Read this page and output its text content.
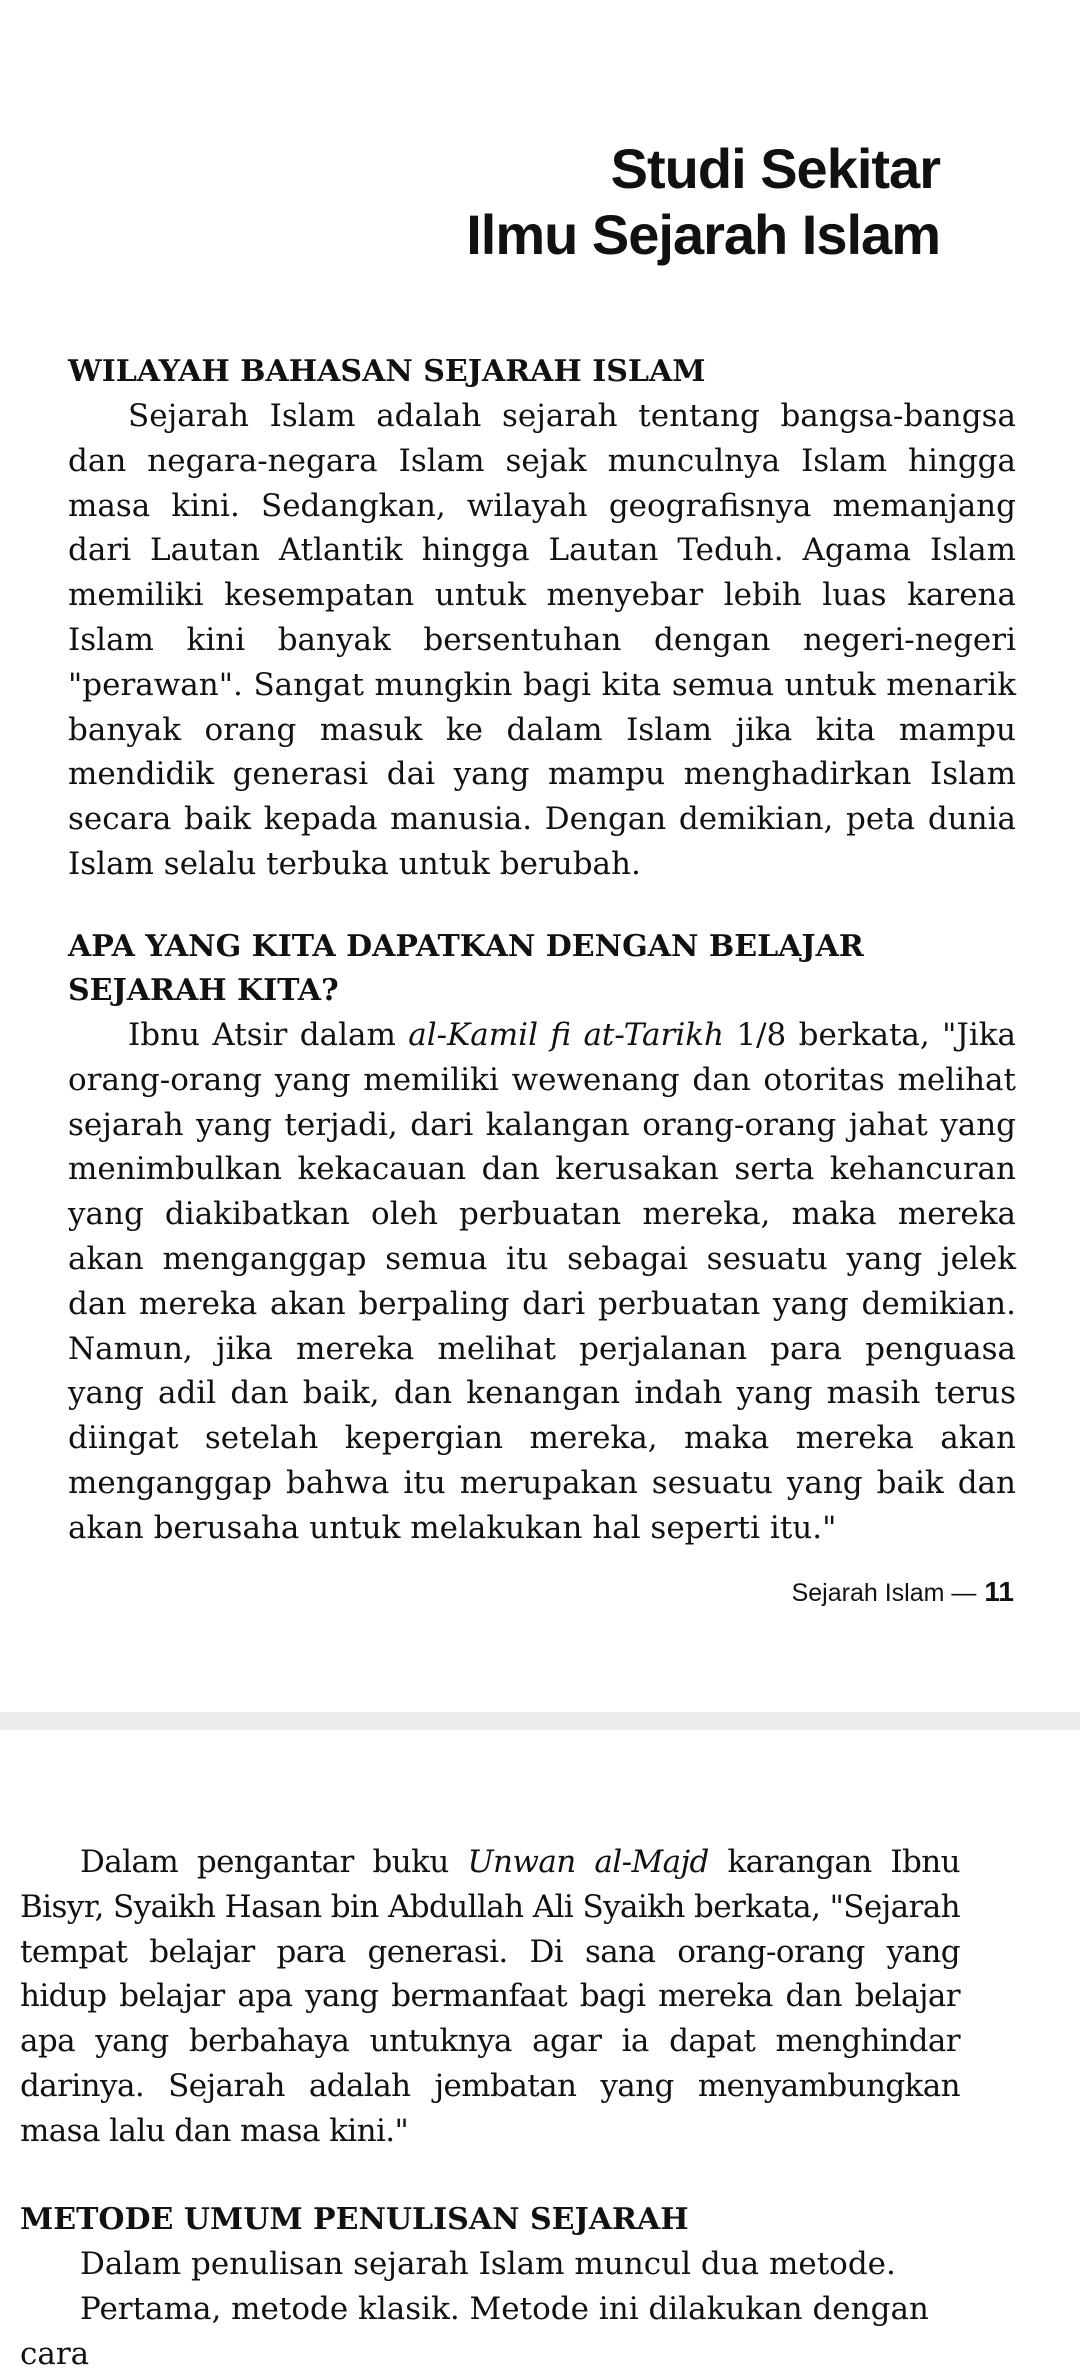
Studi Sekitar
Ilmu Sejarah Islam
WILAYAH BAHASAN SEJARAH ISLAM

Sejarah Islam adalah sejarah tentang bangsa-bangsa dan negara-negara Islam sejak munculnya Islam hingga masa kini. Sedangkan, wilayah geografisnya memanjang dari Lautan Atlantik hingga Lautan Teduh. Agama Islam memiliki kesempatan untuk menyebar lebih luas karena Islam kini banyak bersentuhan dengan negeri-negeri "perawan". Sangat mungkin bagi kita semua untuk menarik banyak orang masuk ke dalam Islam jika kita mampu mendidik generasi dai yang mampu menghadirkan Islam secara baik kepada manusia. Dengan demikian, peta dunia Islam selalu terbuka untuk berubah.

APA YANG KITA DAPATKAN DENGAN BELAJAR
SEJARAH KITA?

Ibnu Atsir dalam al-Kamil fi at-Tarikh 1/8 berkata, "Jika orang-orang yang memiliki wewenang dan otoritas melihat sejarah yang terjadi, dari kalangan orang-orang jahat yang menimbulkan kekacauan dan kerusakan serta kehancuran yang diakibatkan oleh perbuatan mereka, maka mereka akan menganggap semua itu sebagai sesuatu yang jelek dan mereka akan berpaling dari perbuatan yang demikian. Namun, jika mereka melihat perjalanan para penguasa yang adil dan baik, dan kenangan indah yang masih terus diingat setelah kepergian mereka, maka mereka akan menganggap bahwa itu merupakan sesuatu yang baik dan akan berusaha untuk melakukan hal seperti itu."

Sejarah Islam — 11

Dalam pengantar buku Unwan al-Majd karangan Ibnu Bisyr, Syaikh Hasan bin Abdullah Ali Syaikh berkata, "Sejarah tempat belajar para generasi. Di sana orang-orang yang hidup belajar apa yang bermanfaat bagi mereka dan belajar apa yang berbahaya untuknya agar ia dapat menghindar darinya. Sejarah adalah jembatan yang menyambungkan masa lalu dan masa kini."

METODE UMUM PENULISAN SEJARAH

Dalam penulisan sejarah Islam muncul dua metode.

Pertama, metode klasik. Metode ini dilakukan dengan cara
